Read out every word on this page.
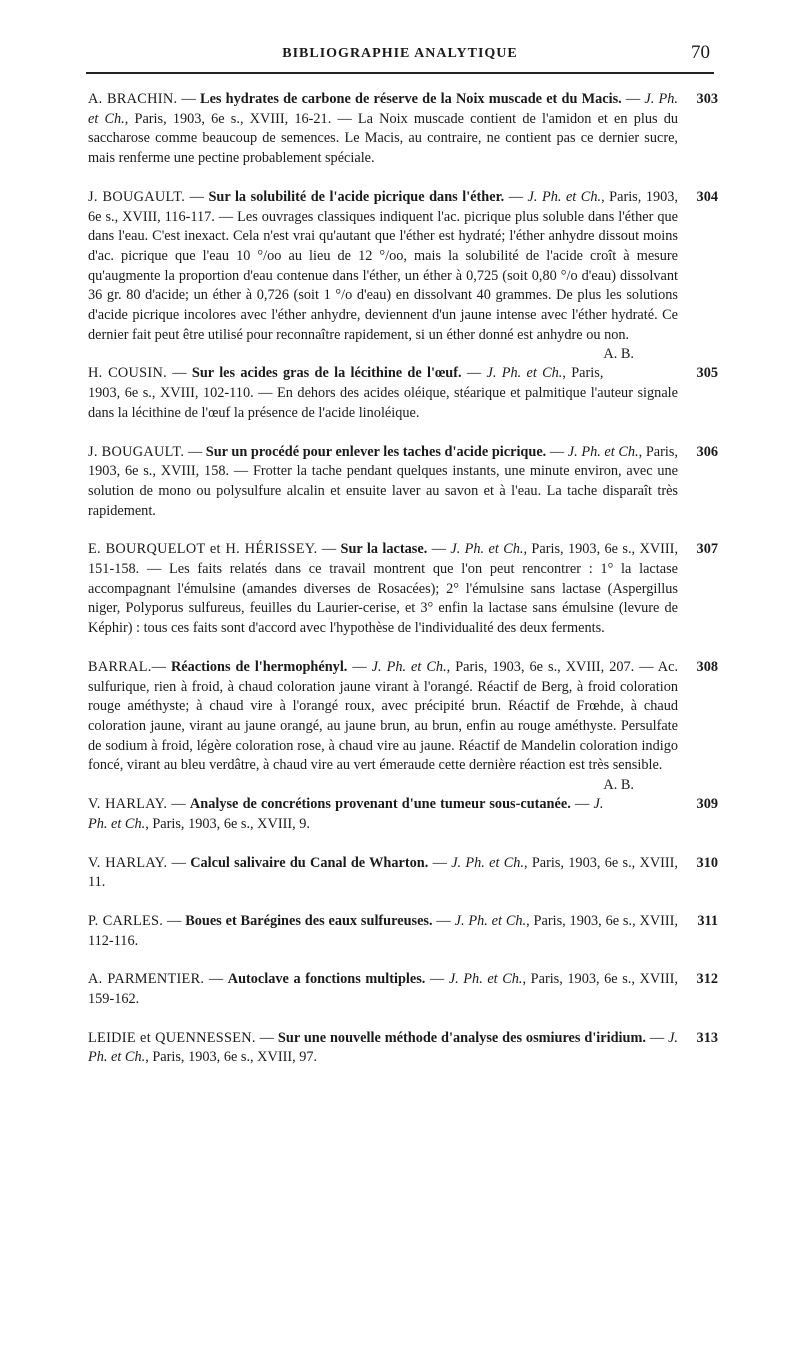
BIBLIOGRAPHIE ANALYTIQUE	70
303

A. BRACHIN. — Les hydrates de carbone de réserve de la Noix muscade et du Macis. — J. Ph. et Ch., Paris, 1903, 6e s., XVIII, 16-21. — La Noix muscade contient de l'amidon et en plus du saccharose comme beaucoup de semences. Le Macis, au contraire, ne contient pas ce dernier sucre, mais renferme une pectine probablement spéciale.

304

J. BOUGAULT. — Sur la solubilité de l'acide picrique dans l'éther. — J. Ph. et Ch., Paris, 1903, 6e s., XVIII, 116-117. — Les ouvrages classiques indiquent l'ac. picrique plus soluble dans l'éther que dans l'eau. C'est inexact. Cela n'est vrai qu'autant que l'éther est hydraté; l'éther anhydre dissout moins d'ac. picrique que l'eau 10 °/oo au lieu de 12 °/oo, mais la solubilité de l'acide croît à mesure qu'augmente la proportion d'eau contenue dans l'éther, un éther à 0,725 (soit 0,80 °/o d'eau) dissolvant 36 gr. 80 d'acide; un éther à 0,726 (soit 1 °/o d'eau) en dissolvant 40 grammes. De plus les solutions d'acide picrique incolores avec l'éther anhydre, deviennent d'un jaune intense avec l'éther hydraté. Ce dernier fait peut être utilisé pour reconnaître rapidement, si un éther donné est anhydre ou non.
A. B.

305

H. COUSIN. — Sur les acides gras de la lécithine de l'œuf. — J. Ph. et Ch., Paris, 1903, 6e s., XVIII, 102-110. — En dehors des acides oléique, stéarique et palmitique l'auteur signale dans la lécithine de l'œuf la présence de l'acide linoléique.

306

J. BOUGAULT. — Sur un procédé pour enlever les taches d'acide picrique. — J. Ph. et Ch., Paris, 1903, 6e s., XVIII, 158. — Frotter la tache pendant quelques instants, une minute environ, avec une solution de mono ou polysulfure alcalin et ensuite laver au savon et à l'eau. La tache disparaît très rapidement.

307

E. BOURQUELOT et H. HÉRISSEY. — Sur la lactase. — J. Ph. et Ch., Paris, 1903, 6e s., XVIII, 151-158. — Les faits relatés dans ce travail montrent que l'on peut rencontrer : 1° la lactase accompagnant l'émulsine (amandes diverses de Rosacées); 2° l'émulsine sans lactase (Aspergillus niger, Polyporus sulfureus, feuilles du Laurier-cerise, et 3° enfin la lactase sans émulsine (levure de Képhir) : tous ces faits sont d'accord avec l'hypothèse de l'individualité des deux ferments.

308

BARRAL.— Réactions de l'hermophényl. — J. Ph. et Ch., Paris, 1903, 6e s., XVIII, 207. — Ac. sulfurique, rien à froid, à chaud coloration jaune virant à l'orangé. Réactif de Berg, à froid coloration rouge améthyste; à chaud vire à l'orangé roux, avec précipité brun. Réactif de Frœhde, à chaud coloration jaune, virant au jaune orangé, au jaune brun, au brun, enfin au rouge améthyste. Persulfate de sodium à froid, légère coloration rose, à chaud vire au jaune. Réactif de Mandelin coloration indigo foncé, virant au bleu verdâtre, à chaud vire au vert émeraude cette dernière réaction est très sensible.
A. B.

309

V. HARLAY. — Analyse de concrétions provenant d'une tumeur sous-cutanée. — J. Ph. et Ch., Paris, 1903, 6e s., XVIII, 9.

310

V. HARLAY. — Calcul salivaire du Canal de Wharton. — J. Ph. et Ch., Paris, 1903, 6e s., XVIII, 11.

311

P. CARLES. — Boues et Barégines des eaux sulfureuses. — J. Ph. et Ch., Paris, 1903, 6e s., XVIII, 112-116.

312

A. PARMENTIER. — Autoclave a fonctions multiples. — J. Ph. et Ch., Paris, 1903, 6e s., XVIII, 159-162.

313

LEIDIE et QUENNESSEN. — Sur une nouvelle méthode d'analyse des osmiures d'iridium. — J. Ph. et Ch., Paris, 1903, 6e s., XVIII, 97.
